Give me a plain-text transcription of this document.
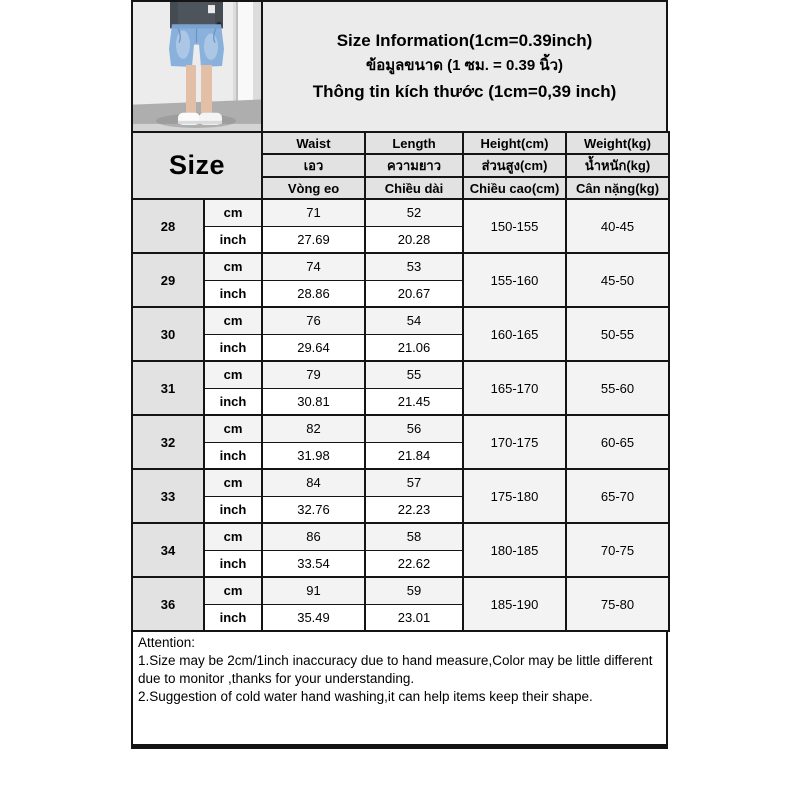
Size Information(1cm=0.39inch)
ข้อมูลขนาด (1 ซม. = 0.39 นิ้ว)
Thông tin kích thước (1cm=0,39 inch)
Size		Waist	Length	Height(cm)	Weight(kg)
		เอว	ความยาว	ส่วนสูง(cm)	น้ำหนัก(kg)
		Vòng eo	Chiều dài	Chiều cao(cm)	Cân nặng(kg)
28	cm	71	52	150-155	40-45
	inch	27.69	20.28		
29	cm	74	53	155-160	45-50
	inch	28.86	20.67		
30	cm	76	54	160-165	50-55
	inch	29.64	21.06		
31	cm	79	55	165-170	55-60
	inch	30.81	21.45		
32	cm	82	56	170-175	60-65
	inch	31.98	21.84		
33	cm	84	57	175-180	65-70
	inch	32.76	22.23		
34	cm	86	58	180-185	70-75
	inch	33.54	22.62		
36	cm	91	59	185-190	75-80
	inch	35.49	23.01		
Attention:
1.Size may be 2cm/1inch inaccuracy due to hand measure,Color may be little different due to monitor ,thanks for your understanding.
2.Suggestion of cold water hand washing,it can help items keep their shape.
